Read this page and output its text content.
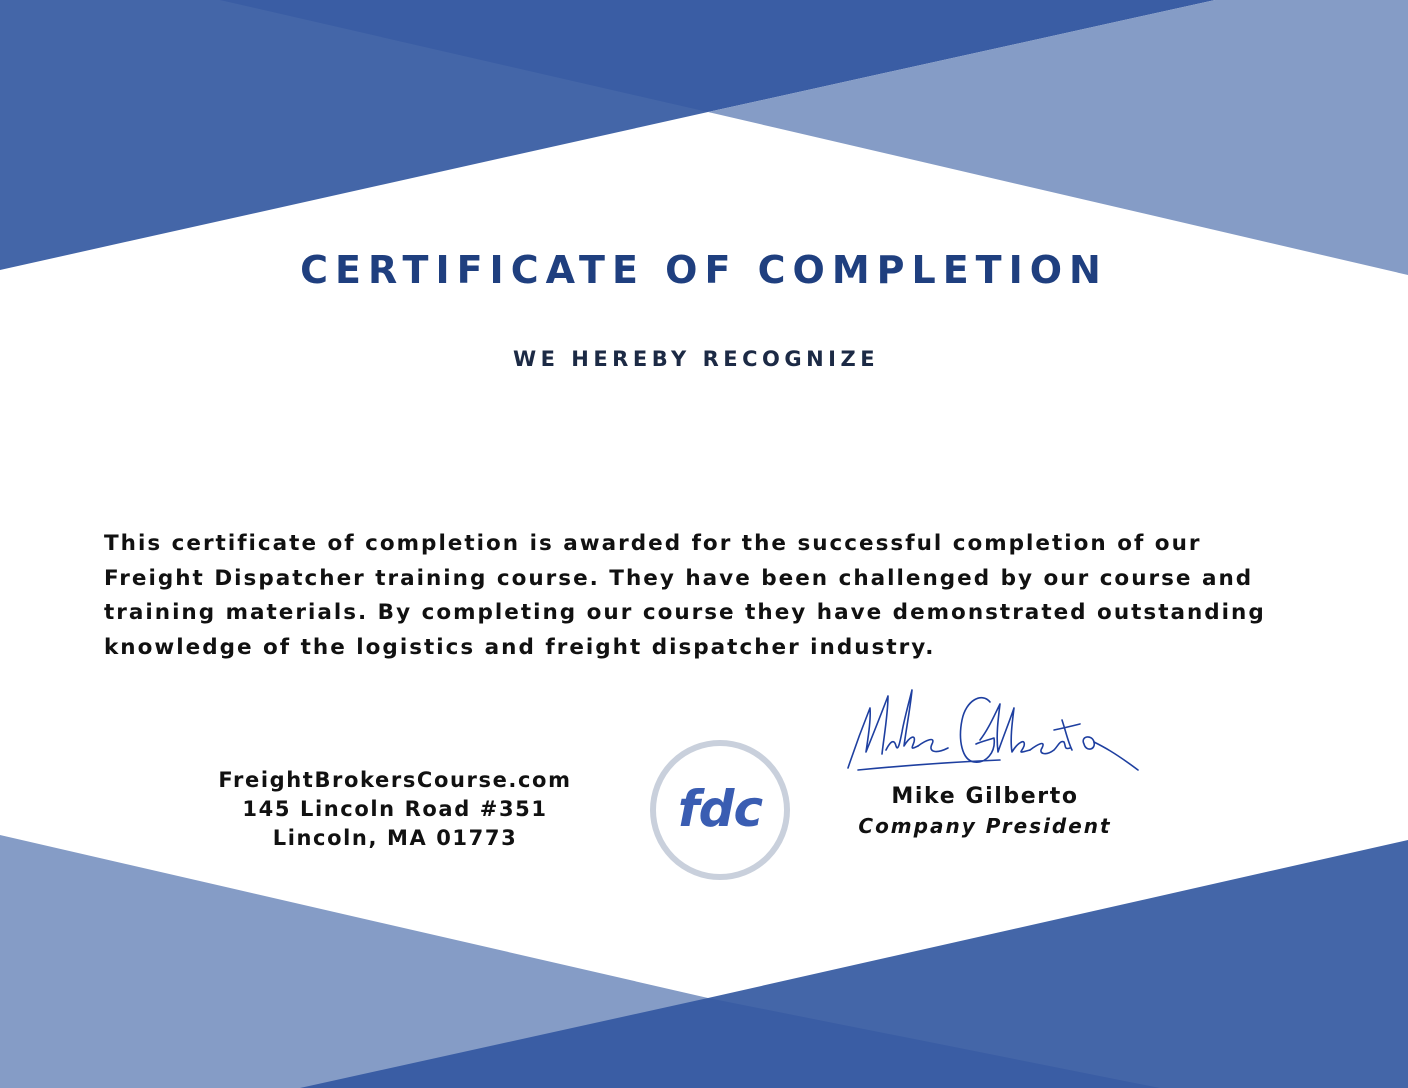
CERTIFICATE OF COMPLETION
WE HEREBY RECOGNIZE
This certificate of completion is awarded for the successful completion of our
Freight Dispatcher training course. They have been challenged by our course and
training materials. By completing our course they have demonstrated outstanding
knowledge of the logistics and freight dispatcher industry.
FreightBrokersCourse.com
145 Lincoln Road #351
Lincoln, MA 01773	fdc	Mike Gilberto
Company President
